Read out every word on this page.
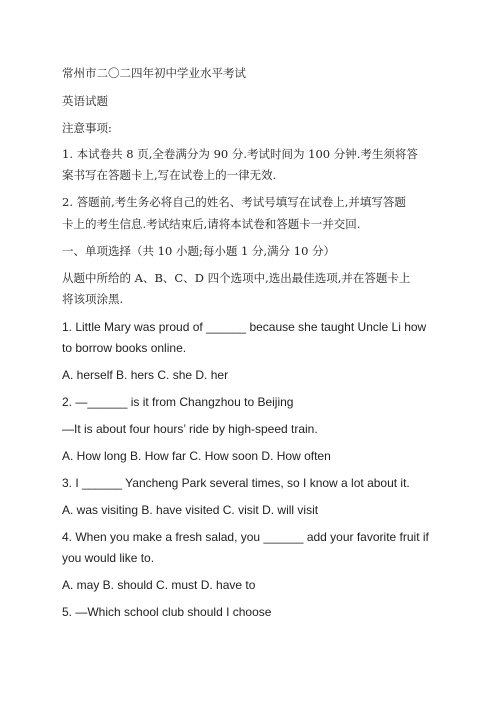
常州市二〇二四年初中学业水平考试
英语试题
注意事项:
1. 本试卷共 8 页,全卷满分为 90 分.考试时间为 100 分钟.考生须将答
案书写在答题卡上,写在试卷上的一律无效.
2. 答题前,考生务必将自己的姓名、考试号填写在试卷上,并填写答题
卡上的考生信息.考试结束后,请将本试卷和答题卡一并交回.
一、单项选择（共 10 小题;每小题 1 分,满分 10 分）
从题中所给的 A、B、C、D 四个选项中,选出最佳选项,并在答题卡上
将该项涂黑.
1. Little Mary was proud of ______ because she taught Uncle Li how
to borrow books online.
A. herself B. hers C. she D. her
2. —______ is it from Changzhou to Beijing
—It is about four hours’ ride by high-speed train.
A. How long B. How far C. How soon D. How often
3. I ______ Yancheng Park several times, so I know a lot about it.
A. was visiting B. have visited C. visit D. will visit
4. When you make a fresh salad, you ______ add your favorite fruit if
you would like to.
A. may B. should C. must D. have to
5. —Which school club should I choose
